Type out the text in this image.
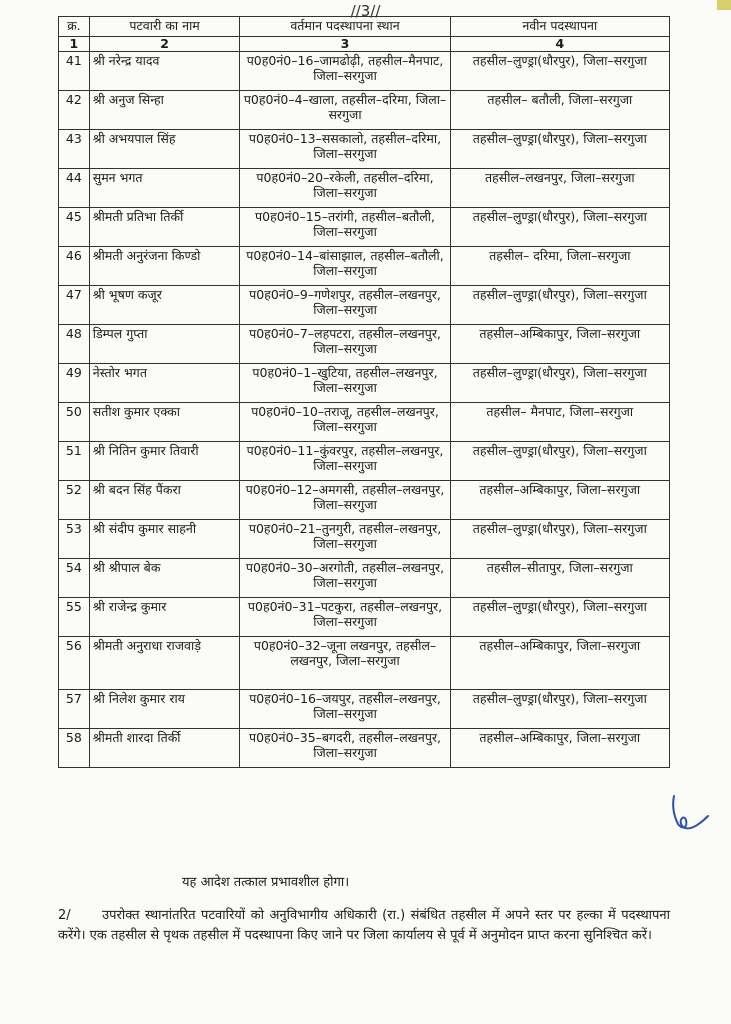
//3//
क्र.	पटवारी का नाम	वर्तमान पदस्थापना स्थान	नवीन पदस्थापना
1	2	3	4
41	श्री नरेन्द्र यादव	प0ह0नं0–16–जामढोढ़ी, तहसील–मैनपाट, जिला–सरगुजा	तहसील–लुण्ड्रा(धौरपुर), जिला–सरगुजा
42	श्री अनुज सिन्हा	प0ह0नं0–4–खाला, तहसील–दरिमा, जिला–सरगुजा	तहसील– बतौली, जिला–सरगुजा
43	श्री अभयपाल सिंह	प0ह0नं0–13–ससकालो, तहसील–दरिमा, जिला–सरगुजा	तहसील–लुण्ड्रा(धौरपुर), जिला–सरगुजा
44	सुमन भगत	प0ह0नं0–20–रकेली, तहसील–दरिमा, जिला–सरगुजा	तहसील–लखनपुर, जिला–सरगुजा
45	श्रीमती प्रतिभा तिर्की	प0ह0नं0–15–तरांगी, तहसील–बतौली, जिला–सरगुजा	तहसील–लुण्ड्रा(धौरपुर), जिला–सरगुजा
46	श्रीमती अनुरंजना किण्डो	प0ह0नं0–14–बांसाझाल, तहसील–बतौली, जिला–सरगुजा	तहसील– दरिमा, जिला–सरगुजा
47	श्री भूषण कजूर	प0ह0नं0–9–गणेशपुर, तहसील–लखनपुर, जिला–सरगुजा	तहसील–लुण्ड्रा(धौरपुर), जिला–सरगुजा
48	डिम्पल गुप्ता	प0ह0नं0–7–लहपटरा, तहसील–लखनपुर, जिला–सरगुजा	तहसील–अम्बिकापुर, जिला–सरगुजा
49	नेस्तोर भगत	प0ह0नं0–1–खुटिया, तहसील–लखनपुर, जिला–सरगुजा	तहसील–लुण्ड्रा(धौरपुर), जिला–सरगुजा
50	सतीश कुमार एक्का	प0ह0नं0–10–तराजू, तहसील–लखनपुर, जिला–सरगुजा	तहसील– मैनपाट, जिला–सरगुजा
51	श्री नितिन कुमार तिवारी	प0ह0नं0–11–कुंवरपुर, तहसील–लखनपुर, जिला–सरगुजा	तहसील–लुण्ड्रा(धौरपुर), जिला–सरगुजा
52	श्री बदन सिंह पैंकरा	प0ह0नं0–12–अमगसी, तहसील–लखनपुर, जिला–सरगुजा	तहसील–अम्बिकापुर, जिला–सरगुजा
53	श्री संदीप कुमार साहनी	प0ह0नं0–21–तुनगुरी, तहसील–लखनपुर, जिला–सरगुजा	तहसील–लुण्ड्रा(धौरपुर), जिला–सरगुजा
54	श्री श्रीपाल बेक	प0ह0नं0–30–अरगोती, तहसील–लखनपुर, जिला–सरगुजा	तहसील–सीतापुर, जिला–सरगुजा
55	श्री राजेन्द्र कुमार	प0ह0नं0–31–पटकुरा, तहसील–लखनपुर, जिला–सरगुजा	तहसील–लुण्ड्रा(धौरपुर), जिला–सरगुजा
56	श्रीमती अनुराधा राजवाड़े	प0ह0नं0–32–जूना लखनपुर, तहसील– लखनपुर, जिला–सरगुजा	तहसील–अम्बिकापुर, जिला–सरगुजा
57	श्री निलेश कुमार राय	प0ह0नं0–16–जयपुर, तहसील–लखनपुर, जिला–सरगुजा	तहसील–लुण्ड्रा(धौरपुर), जिला–सरगुजा
58	श्रीमती शारदा तिर्की	प0ह0नं0–35–बगदरी, तहसील–लखनपुर, जिला–सरगुजा	तहसील–अम्बिकापुर, जिला–सरगुजा
यह आदेश तत्काल प्रभावशील होगा।
2/ उपरोक्त स्थानांतरित पटवारियों को अनुविभागीय अधिकारी (रा.) संबंधित तहसील में अपने स्तर पर हल्का में पदस्थापना करेंगे। एक तहसील से पृथक तहसील में पदस्थापना किए जाने पर जिला कार्यालय से पूर्व में अनुमोदन प्राप्त करना सुनिश्चित करें।
